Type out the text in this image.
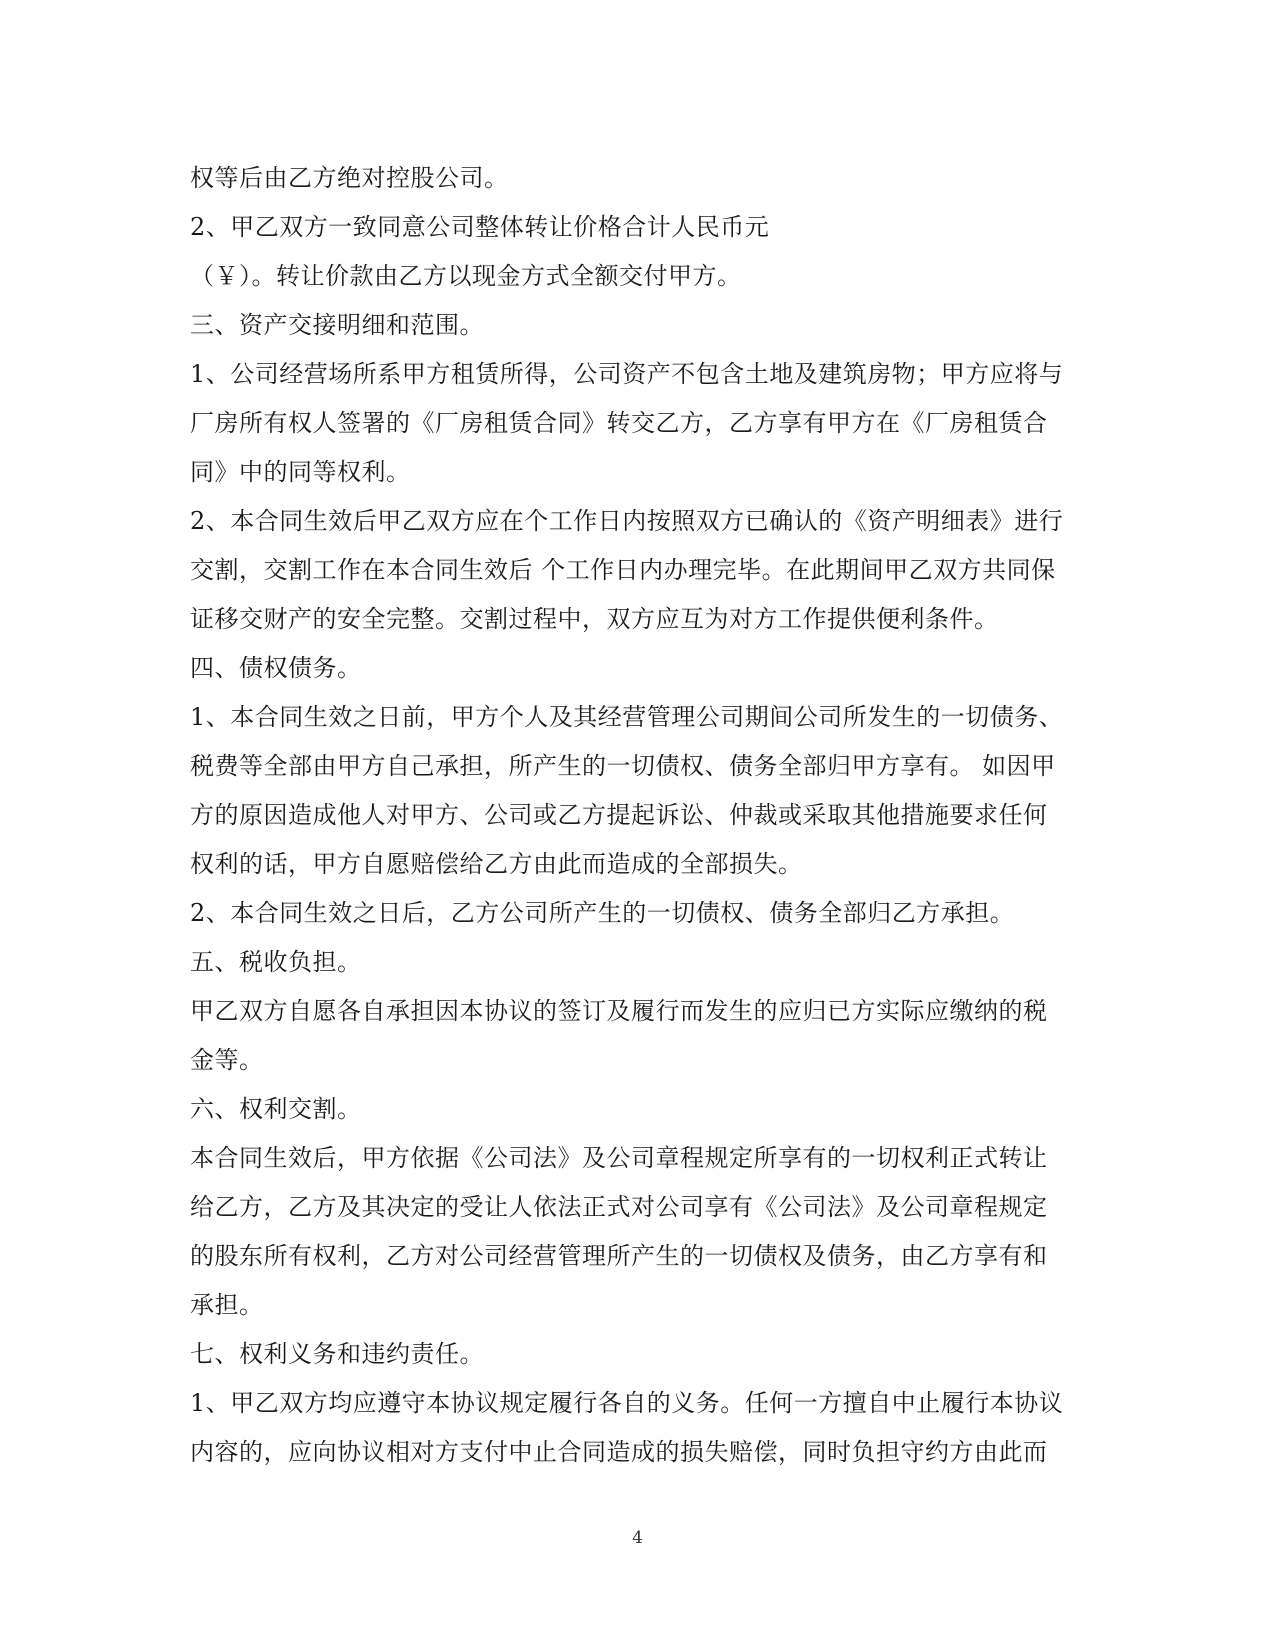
权等后由乙方绝对控股公司。
2、甲乙双方一致同意公司整体转让价格合计人民币元
（￥）。转让价款由乙方以现金方式全额交付甲方。
三、资产交接明细和范围。
1、公司经营场所系甲方租赁所得，公司资产不包含土地及建筑房物；甲方应将与
厂房所有权人签署的《厂房租赁合同》转交乙方，乙方享有甲方在《厂房租赁合
同》中的同等权利。
2、本合同生效后甲乙双方应在个工作日内按照双方已确认的《资产明细表》进行
交割，交割工作在本合同生效后 个工作日内办理完毕。在此期间甲乙双方共同保
证移交财产的安全完整。交割过程中，双方应互为对方工作提供便利条件。
四、债权债务。
1、本合同生效之日前，甲方个人及其经营管理公司期间公司所发生的一切债务、
税费等全部由甲方自己承担，所产生的一切债权、债务全部归甲方享有。 如因甲
方的原因造成他人对甲方、公司或乙方提起诉讼、仲裁或采取其他措施要求任何
权利的话，甲方自愿赔偿给乙方由此而造成的全部损失。
2、本合同生效之日后，乙方公司所产生的一切债权、债务全部归乙方承担。
五、税收负担。
甲乙双方自愿各自承担因本协议的签订及履行而发生的应归已方实际应缴纳的税
金等。
六、权利交割。
本合同生效后，甲方依据《公司法》及公司章程规定所享有的一切权利正式转让
给乙方，乙方及其决定的受让人依法正式对公司享有《公司法》及公司章程规定
的股东所有权利，乙方对公司经营管理所产生的一切债权及债务，由乙方享有和
承担。
七、权利义务和违约责任。
1、甲乙双方均应遵守本协议规定履行各自的义务。任何一方擅自中止履行本协议
内容的，应向协议相对方支付中止合同造成的损失赔偿，同时负担守约方由此而
4
